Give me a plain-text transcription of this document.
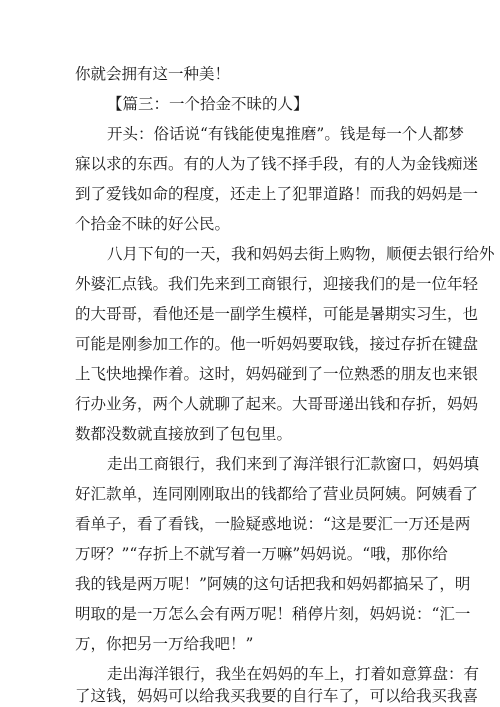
你就会拥有这一种美！
【篇三：一个拾金不昧的人】
开头：俗话说“有钱能使鬼推磨”。钱是每一个人都梦
寐以求的东西。有的人为了钱不择手段，有的人为金钱痴迷
到了爱钱如命的程度，还走上了犯罪道路！而我的妈妈是一
个拾金不昧的好公民。
八月下旬的一天，我和妈妈去街上购物，顺便去银行给外
外婆汇点钱。我们先来到工商银行，迎接我们的是一位年轻
的大哥哥，看他还是一副学生模样，可能是暑期实习生，也
可能是刚参加工作的。他一听妈妈要取钱，接过存折在键盘
上飞快地操作着。这时，妈妈碰到了一位熟悉的朋友也来银
行办业务，两个人就聊了起来。大哥哥递出钱和存折，妈妈
数都没数就直接放到了包包里。
走出工商银行，我们来到了海洋银行汇款窗口，妈妈填
好汇款单，连同刚刚取出的钱都给了营业员阿姨。阿姨看了
看单子，看了看钱，一脸疑惑地说：“这是要汇一万还是两
万呀？”“存折上不就写着一万嘛”妈妈说。“哦，那你给
我的钱是两万呢！”阿姨的这句话把我和妈妈都搞呆了，明
明取的是一万怎么会有两万呢！稍停片刻，妈妈说：“汇一
万，你把另一万给我吧！”
走出海洋银行，我坐在妈妈的车上，打着如意算盘：有
了这钱，妈妈可以给我买我要的自行车了，可以给我买我喜
